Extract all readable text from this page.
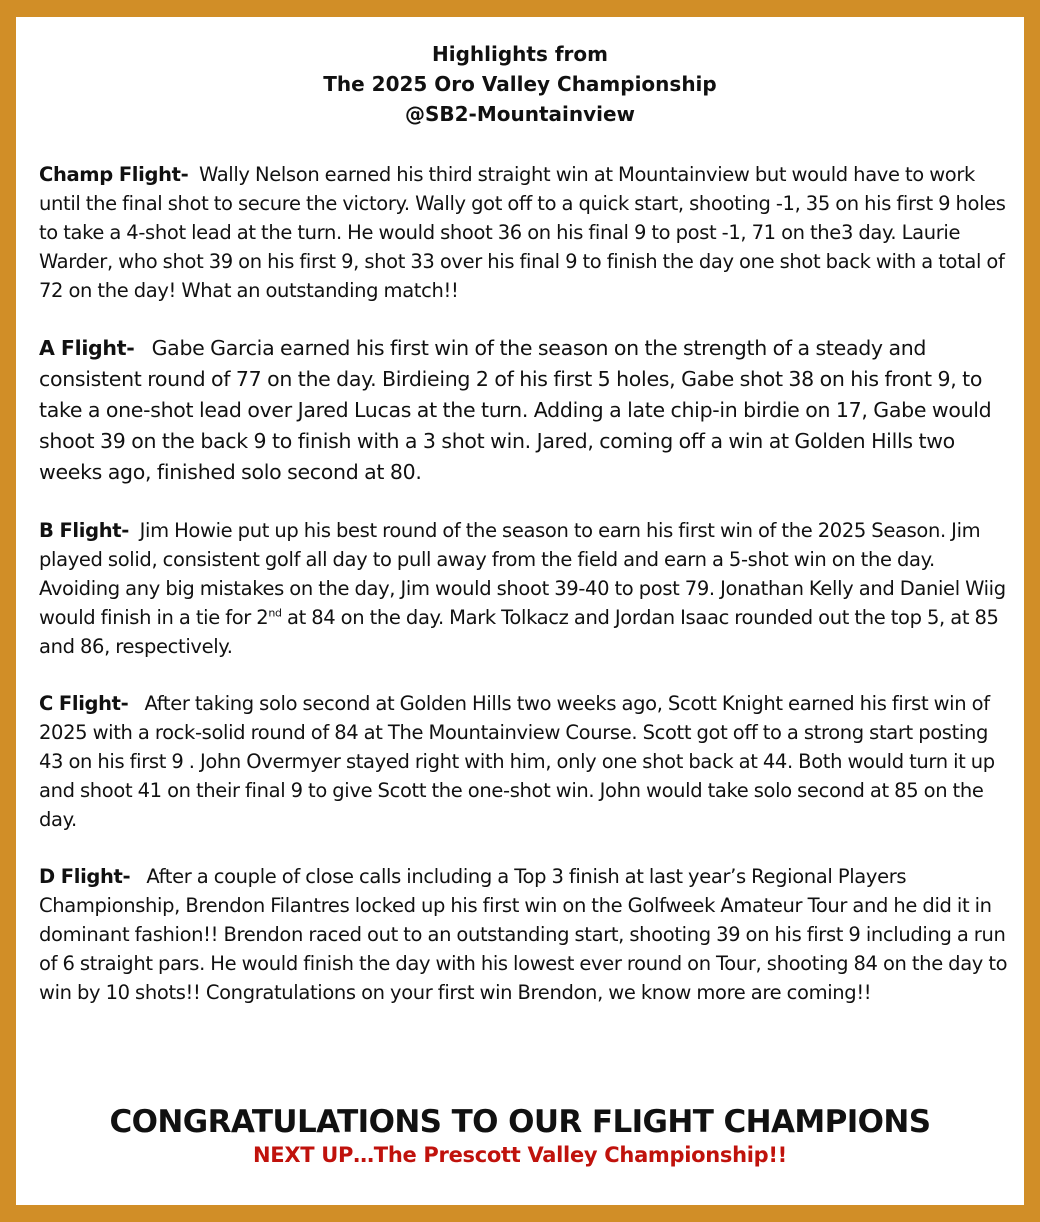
Highlights from
The 2025 Oro Valley Championship
@SB2-Mountainview

Champ Flight- Wally Nelson earned his third straight win at Mountainview but would have to work until the final shot to secure the victory. Wally got off to a quick start, shooting -1, 35 on his first 9 holes to take a 4-shot lead at the turn. He would shoot 36 on his final 9 to post -1, 71 on the3 day. Laurie Warder, who shot 39 on his first 9, shot 33 over his final 9 to finish the day one shot back with a total of 72 on the day! What an outstanding match!!

A Flight- Gabe Garcia earned his first win of the season on the strength of a steady and consistent round of 77 on the day. Birdieing 2 of his first 5 holes, Gabe shot 38 on his front 9, to take a one-shot lead over Jared Lucas at the turn. Adding a late chip-in birdie on 17, Gabe would shoot 39 on the back 9 to finish with a 3 shot win. Jared, coming off a win at Golden Hills two weeks ago, finished solo second at 80.

B Flight- Jim Howie put up his best round of the season to earn his first win of the 2025 Season. Jim played solid, consistent golf all day to pull away from the field and earn a 5-shot win on the day. Avoiding any big mistakes on the day, Jim would shoot 39-40 to post 79. Jonathan Kelly and Daniel Wiig would finish in a tie for 2nd at 84 on the day. Mark Tolkacz and Jordan Isaac rounded out the top 5, at 85 and 86, respectively.

C Flight- After taking solo second at Golden Hills two weeks ago, Scott Knight earned his first win of 2025 with a rock-solid round of 84 at The Mountainview Course. Scott got off to a strong start posting 43 on his first 9 . John Overmyer stayed right with him, only one shot back at 44. Both would turn it up and shoot 41 on their final 9 to give Scott the one-shot win. John would take solo second at 85 on the day.

D Flight- After a couple of close calls including a Top 3 finish at last year’s Regional Players Championship, Brendon Filantres locked up his first win on the Golfweek Amateur Tour and he did it in dominant fashion!! Brendon raced out to an outstanding start, shooting 39 on his first 9 including a run of 6 straight pars. He would finish the day with his lowest ever round on Tour, shooting 84 on the day to win by 10 shots!! Congratulations on your first win Brendon, we know more are coming!!

CONGRATULATIONS TO OUR FLIGHT CHAMPIONS
NEXT UP…The Prescott Valley Championship!!
